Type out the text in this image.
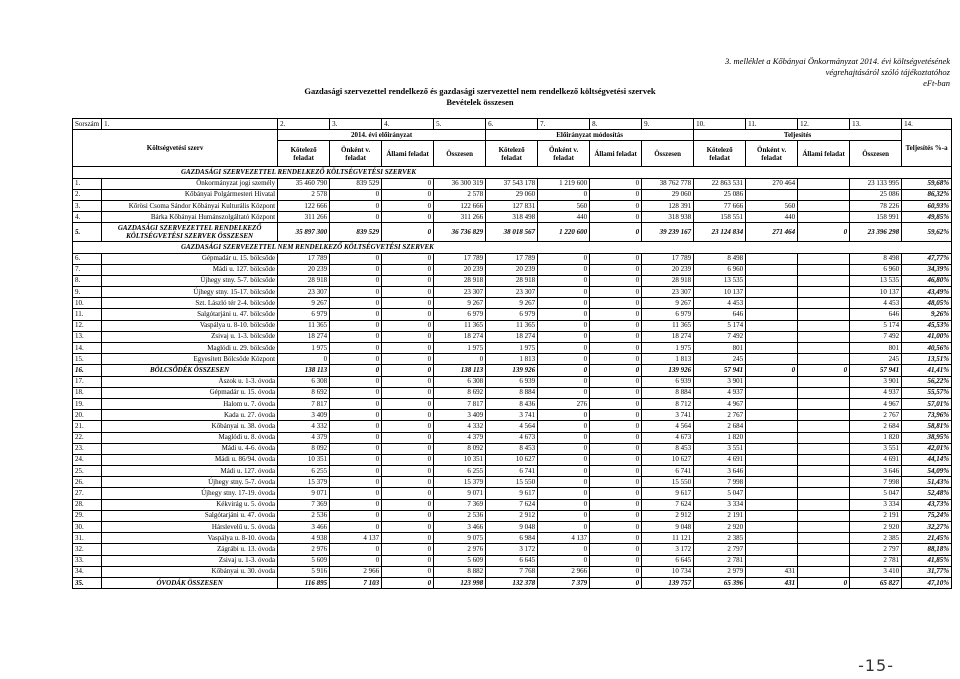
3. melléklet a Kőbányai Önkormányzat 2014. évi költségvetésének
végrehajtásáról szóló tájékoztatóhoz
eFt-ban
Gazdasági szervezettel rendelkező és gazdasági szervezettel nem rendelkező költségvetési szervek
Bevételek összesen
Sorszám	1.	2.	3.	4.	5.	6.	7.	8.	9.	10.	11.	12.	13.	14.
Költségvetési szerv		2014. évi előirányzat				Előirányzat módosítás				Teljesítés				Teljesítés %-a
		Kötelező feladat	Önként v. feladat	Állami feladat	Összesen	Kötelező feladat	Önként v. feladat	Állami feladat	Összesen	Kötelező feladat	Önként v. feladat	Állami feladat	Összesen	
GAZDASÁGI SZERVEZETTEL RENDELKEZŐ KÖLTSÉGVETÉSI SZERVEK														
1.	Önkormányzat jogi személy	35 460 790	839 529	0	36 300 319	37 543 178	1 219 600	0	38 762 778	22 863 531	270 464		23 133 995	59,68%
2.	Kőbányai Polgármesteri Hivatal	2 578	0	0	2 578	29 060	0	0	29 060	25 086			25 086	86,32%
3.	Kőrösi Csoma Sándor Kőbányai Kulturális Központ	122 666	0	0	122 666	127 831	560	0	128 391	77 666	560		78 226	60,93%
4.	Bárka Kőbányai Humánszolgáltató Központ	311 266	0	0	311 266	318 498	440	0	318 938	158 551	440		158 991	49,85%
5.	GAZDASÁGI SZERVEZETTEL RENDELKEZŐ
KÖLTSÉGVETÉSI SZERVEK ÖSSZESEN	35 897 300	839 529	0	36 736 829	38 018 567	1 220 600	0	39 239 167	23 124 834	271 464	0	23 396 298	59,62%
GAZDASÁGI SZERVEZETTEL NEM RENDELKEZŐ KÖLTSÉGVETÉSI SZERVEK														
6.	Gépmadár u. 15. bölcsőde	17 789	0	0	17 789	17 789	0	0	17 789	8 498			8 498	47,77%
7.	Mádi u. 127. bölcsőde	20 239	0	0	20 239	20 239	0	0	20 239	6 960			6 960	34,39%
8.	Újhegy stny. 5-7. bölcsőde	28 918	0	0	28 918	28 918	0	0	28 918	13 535			13 535	46,80%
9.	Újhegy stny. 15-17. bölcsőde	23 307	0	0	23 307	23 307	0	0	23 307	10 137			10 137	43,49%
10.	Szt. László tér 2-4. bölcsőde	9 267	0	0	9 267	9 267	0	0	9 267	4 453			4 453	48,05%
11.	Salgótarjáni u. 47. bölcsőde	6 979	0	0	6 979	6 979	0	0	6 979	646			646	9,26%
12.	Vaspálya u. 8-10. bölcsőde	11 365	0	0	11 365	11 365	0	0	11 365	5 174			5 174	45,53%
13.	Zsivaj u. 1-3. bölcsőde	18 274	0	0	18 274	18 274	0	0	18 274	7 492			7 492	41,00%
14.	Maglódi u. 29. bölcsőde	1 975	0	0	1 975	1 975	0	0	1 975	801			801	40,56%
15.	Egyesített Bölcsőde Központ	0	0	0	0	1 813	0	0	1 813	245			245	13,51%
16.	BÖLCSŐDÉK ÖSSZESEN	138 113	0	0	138 113	139 926	0	0	139 926	57 941	0	0	57 941	41,41%
17.	Ászok u. 1-3. óvoda	6 308	0	0	6 308	6 939	0	0	6 939	3 901			3 901	56,22%
18.	Gépmadár u. 15. óvoda	8 692	0	0	8 692	8 884	0	0	8 884	4 937			4 937	55,57%
19.	Halom u. 7. óvoda	7 817	0	0	7 817	8 436	276	0	8 712	4 967			4 967	57,01%
20.	Kada u. 27. óvoda	3 409	0	0	3 409	3 741	0	0	3 741	2 767			2 767	73,96%
21.	Kőbányai u. 38. óvoda	4 332	0	0	4 332	4 564	0	0	4 564	2 684			2 684	58,81%
22.	Maglódi u. 8. óvoda	4 379	0	0	4 379	4 673	0	0	4 673	1 820			1 820	38,95%
23.	Mádi u. 4-6. óvoda	8 092	0	0	8 092	8 453	0	0	8 453	3 551			3 551	42,01%
24.	Mádi u. 86/94. óvoda	10 351	0	0	10 351	10 627	0	0	10 627	4 691			4 691	44,14%
25.	Mádi u. 127. óvoda	6 255	0	0	6 255	6 741	0	0	6 741	3 646			3 646	54,09%
26.	Újhegy stny. 5-7. óvoda	15 379	0	0	15 379	15 550	0	0	15 550	7 998			7 998	51,43%
27.	Újhegy stny. 17-19. óvoda	9 071	0	0	9 071	9 617	0	0	9 617	5 047			5 047	52,48%
28.	Kékvirág u. 5. óvoda	7 369	0	0	7 369	7 624	0	0	7 624	3 334			3 334	43,73%
29.	Salgótarjáni u. 47. óvoda	2 536	0	0	2 536	2 912	0	0	2 912	2 191			2 191	75,24%
30.	Hárslevelű u. 5. óvoda	3 466	0	0	3 466	9 048	0	0	9 048	2 920			2 920	32,27%
31.	Vaspálya u. 8-10. óvoda	4 938	4 137	0	9 075	6 984	4 137	0	11 121	2 385			2 385	21,45%
32.	Zágrábi u. 13. óvoda	2 976	0	0	2 976	3 172	0	0	3 172	2 797			2 797	88,18%
33.	Zsivaj u. 1-3. óvoda	5 609	0	0	5 609	6 645	0	0	6 645	2 781			2 781	41,85%
34.	Kőbányai u. 30. óvoda	5 916	2 966	0	8 882	7 768	2 966	0	10 734	2 979	431		3 410	31,77%
35.	ÓVODÁK ÖSSZESEN	116 895	7 103	0	123 998	132 378	7 379	0	139 757	65 396	431	0	65 827	47,10%
-15-
